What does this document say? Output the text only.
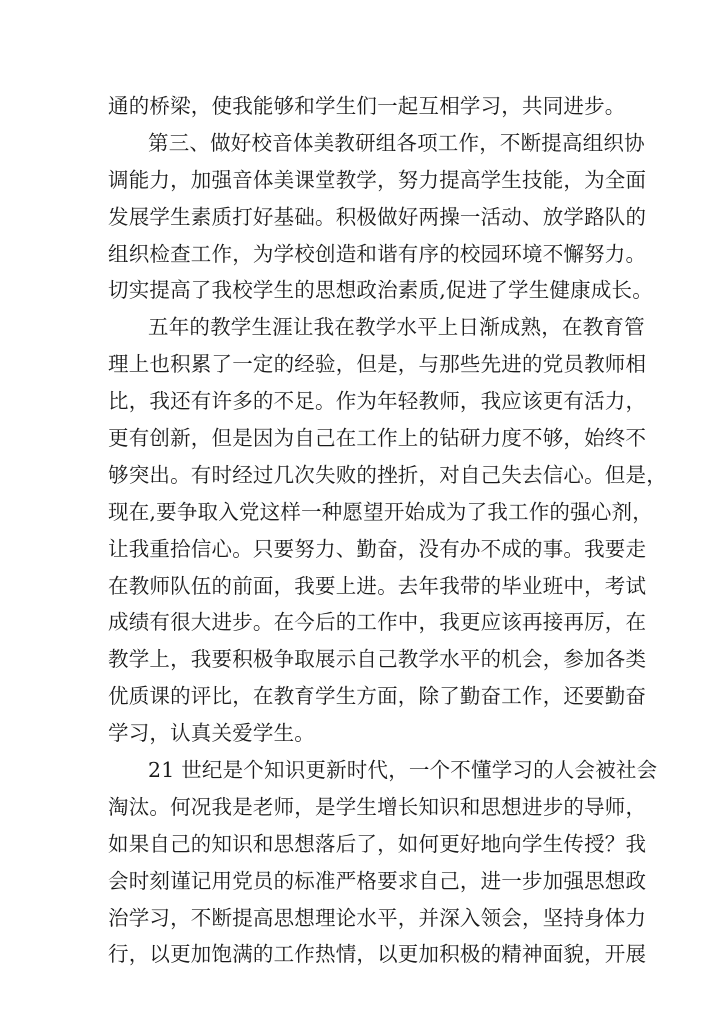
通的桥梁，使我能够和学生们一起互相学习，共同进步。
第三、做好校音体美教研组各项工作，不断提高组织协
调能力，加强音体美课堂教学，努力提高学生技能，为全面
发展学生素质打好基础。积极做好两操一活动、放学路队的
组织检查工作，为学校创造和谐有序的校园环境不懈努力。
切实提高了我校学生的思想政治素质,促进了学生健康成长。
五年的教学生涯让我在教学水平上日渐成熟，在教育管
理上也积累了一定的经验，但是，与那些先进的党员教师相
比，我还有许多的不足。作为年轻教师，我应该更有活力，
更有创新，但是因为自己在工作上的钻研力度不够，始终不
够突出。有时经过几次失败的挫折，对自己失去信心。但是，
现在,要争取入党这样一种愿望开始成为了我工作的强心剂，
让我重拾信心。只要努力、勤奋，没有办不成的事。我要走
在教师队伍的前面，我要上进。去年我带的毕业班中，考试
成绩有很大进步。在今后的工作中，我更应该再接再厉，在
教学上，我要积极争取展示自己教学水平的机会，参加各类
优质课的评比，在教育学生方面，除了勤奋工作，还要勤奋
学习，认真关爱学生。
21 世纪是个知识更新时代，一个不懂学习的人会被社会
淘汰。何况我是老师，是学生增长知识和思想进步的导师，
如果自己的知识和思想落后了，如何更好地向学生传授？我
会时刻谨记用党员的标准严格要求自己，进一步加强思想政
治学习，不断提高思想理论水平，并深入领会，坚持身体力
行，以更加饱满的工作热情，以更加积极的精神面貌，开展
